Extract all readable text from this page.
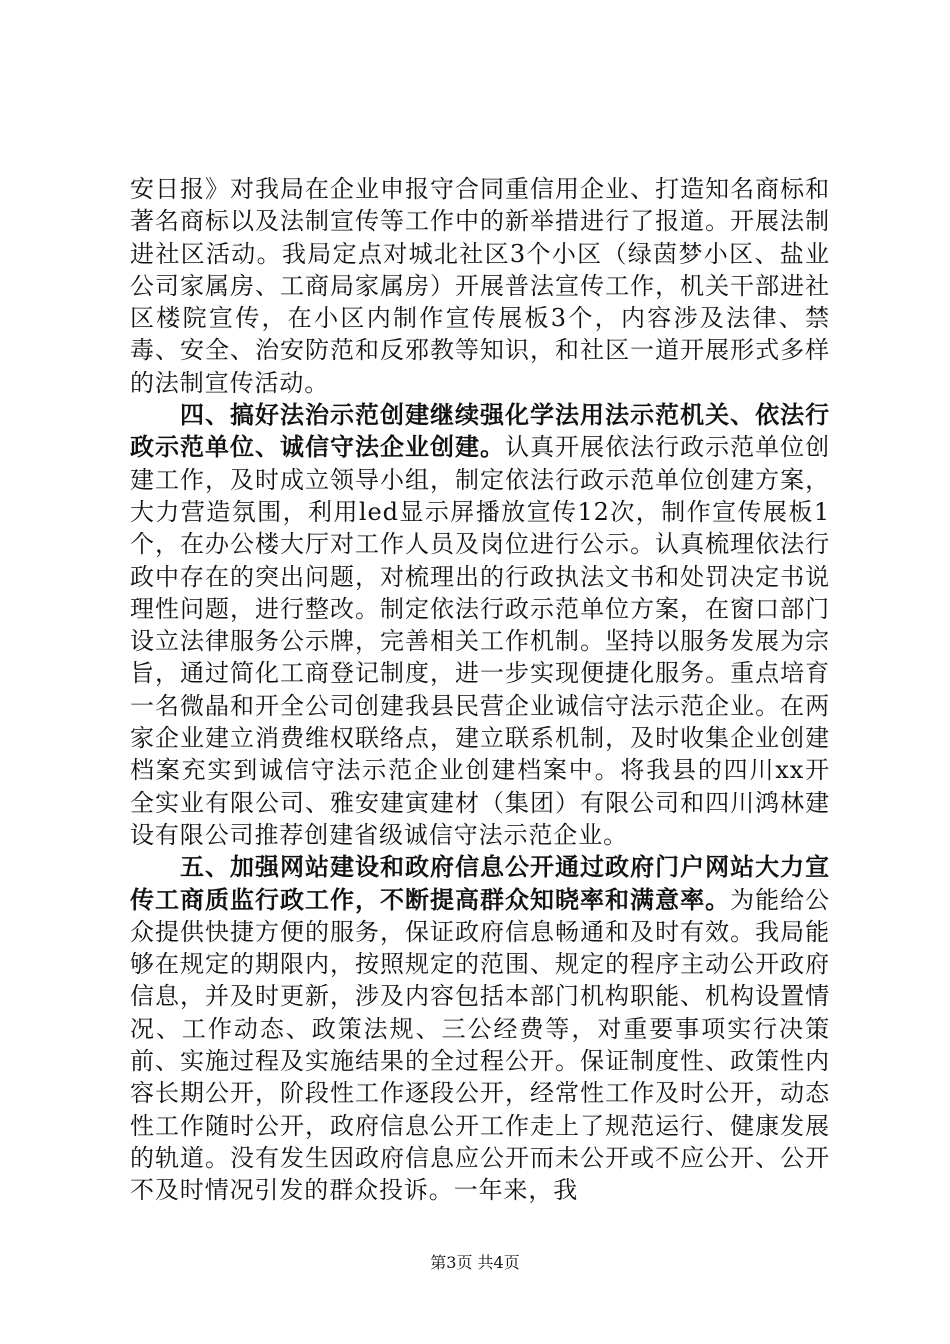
安日报》对我局在企业申报守合同重信用企业、打造知名商标和著名商标以及法制宣传等工作中的新举措进行了报道。开展法制进社区活动。我局定点对城北社区3个小区（绿茵梦小区、盐业公司家属房、工商局家属房）开展普法宣传工作，机关干部进社区楼院宣传，在小区内制作宣传展板3个，内容涉及法律、禁毒、安全、治安防范和反邪教等知识，和社区一道开展形式多样的法制宣传活动。

四、搞好法治示范创建继续强化学法用法示范机关、依法行政示范单位、诚信守法企业创建。认真开展依法行政示范单位创建工作，及时成立领导小组，制定依法行政示范单位创建方案，大力营造氛围，利用led显示屏播放宣传12次，制作宣传展板1个，在办公楼大厅对工作人员及岗位进行公示。认真梳理依法行政中存在的突出问题，对梳理出的行政执法文书和处罚决定书说理性问题，进行整改。制定依法行政示范单位方案，在窗口部门设立法律服务公示牌，完善相关工作机制。坚持以服务发展为宗旨，通过简化工商登记制度，进一步实现便捷化服务。重点培育一名微晶和开全公司创建我县民营企业诚信守法示范企业。在两家企业建立消费维权联络点，建立联系机制，及时收集企业创建档案充实到诚信守法示范企业创建档案中。将我县的四川xx开全实业有限公司、雅安建寅建材（集团）有限公司和四川鸿林建设有限公司推荐创建省级诚信守法示范企业。

五、加强网站建设和政府信息公开通过政府门户网站大力宣传工商质监行政工作，不断提高群众知晓率和满意率。为能给公众提供快捷方便的服务，保证政府信息畅通和及时有效。我局能够在规定的期限内，按照规定的范围、规定的程序主动公开政府信息，并及时更新，涉及内容包括本部门机构职能、机构设置情况、工作动态、政策法规、三公经费等，对重要事项实行决策前、实施过程及实施结果的全过程公开。保证制度性、政策性内容长期公开，阶段性工作逐段公开，经常性工作及时公开，动态性工作随时公开，政府信息公开工作走上了规范运行、健康发展的轨道。没有发生因政府信息应公开而未公开或不应公开、公开不及时情况引发的群众投诉。一年来，我

第3页 共4页
